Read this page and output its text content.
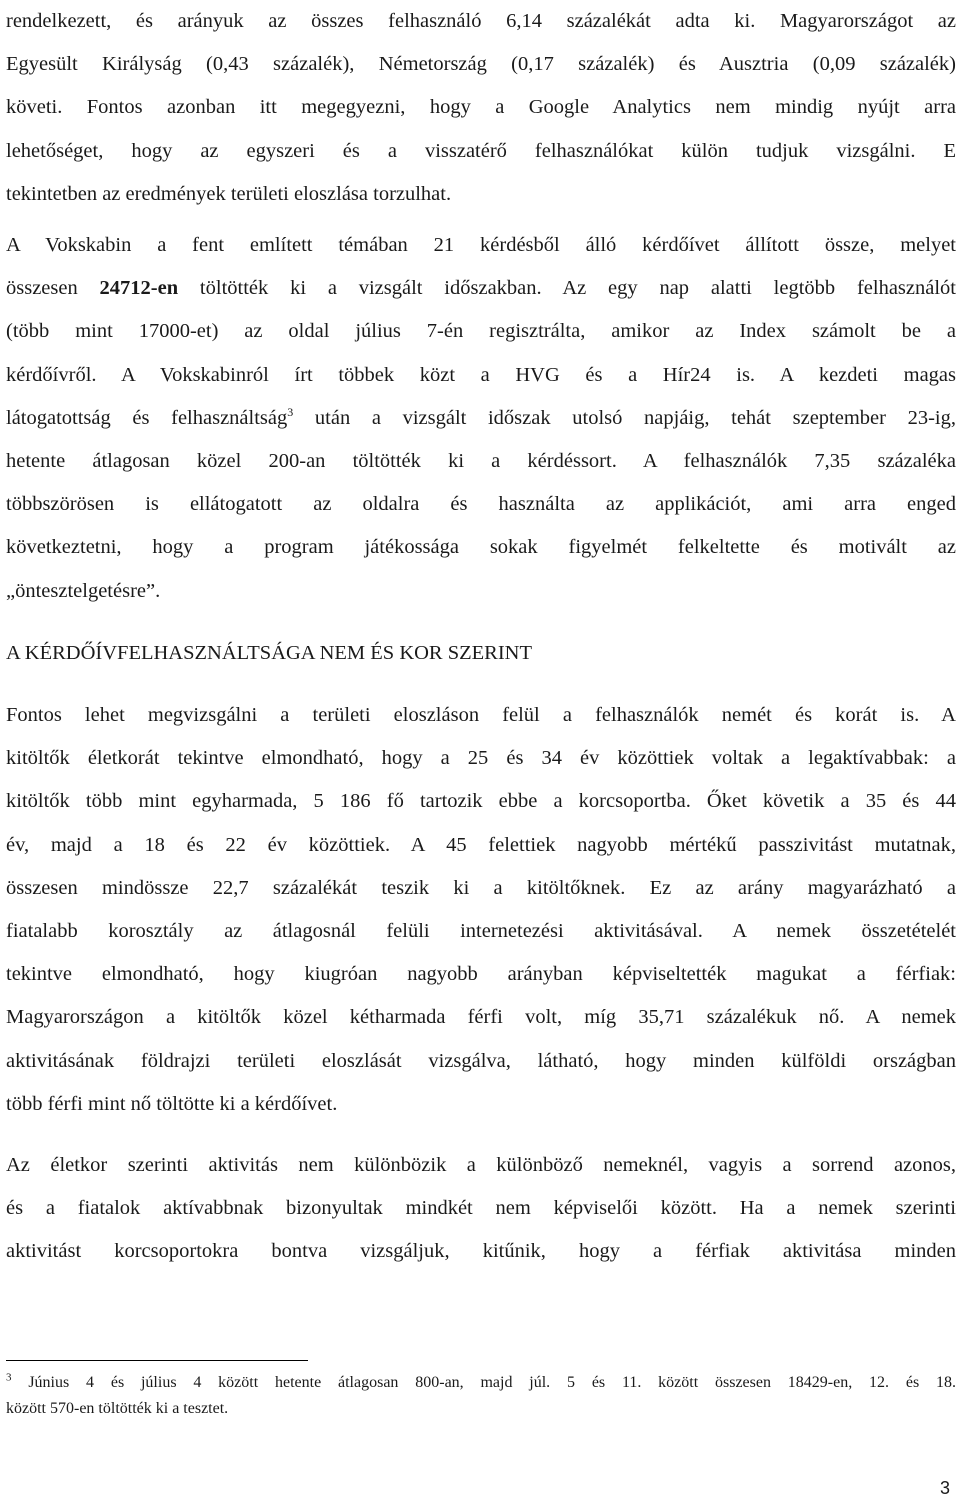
rendelkezett, és arányuk az összes felhasználó 6,14 százalékát adta ki. Magyarországot az
Egyesült Királyság (0,43 százalék), Németország (0,17 százalék) és Ausztria (0,09 százalék)
követi. Fontos azonban itt megegyezni, hogy a Google Analytics nem mindig nyújt arra
lehetőséget, hogy az egyszeri és a visszatérő felhasználókat külön tudjuk vizsgálni. E
tekintetben az eredmények területi eloszlása torzulhat.
A Vokskabin a fent említett témában 21 kérdésből álló kérdőívet állított össze, melyet
összesen 24712-en töltötték ki a vizsgált időszakban. Az egy nap alatti legtöbb felhasználót
(több mint 17000-et) az oldal július 7-én regisztrálta, amikor az Index számolt be a
kérdőívről. A Vokskabinról írt többek közt a HVG és a Hír24 is. A kezdeti magas
látogatottság és felhasználtság$^3$ után a vizsgált időszak utolsó napjáig, tehát szeptember 23-ig,
hetente átlagosan közel 200-an töltötték ki a kérdéssort. A felhasználók 7,35 százaléka
többszörösen is ellátogatott az oldalra és használta az applikációt, ami arra enged
következtetni, hogy a program játékossága sokak figyelmét felkeltette és motivált az
„öntesztelgetésre”.
A KÉRDŐÍVFELHASZNÁLTSÁGA NEM ÉS KOR SZERINT
Fontos lehet megvizsgálni a területi eloszláson felül a felhasználók nemét és korát is. A
kitöltők életkorát tekintve elmondható, hogy a 25 és 34 év közöttiek voltak a legaktívabbak: a
kitöltők több mint egyharmada, 5 186 fő tartozik ebbe a korcsoportba. Őket követik a 35 és 44
év, majd a 18 és 22 év közöttiek. A 45 felettiek nagyobb mértékű passzivitást mutatnak,
összesen mindössze 22,7 százalékát teszik ki a kitöltőknek. Ez az arány magyarázható a
fiatalabb korosztály az átlagosnál felüli internetezési aktivitásával. A nemek összetételét
tekintve elmondható, hogy kiugróan nagyobb arányban képviseltették magukat a férfiak:
Magyarországon a kitöltők közel kétharmada férfi volt, míg 35,71 százalékuk nő. A nemek
aktivitásának földrajzi területi eloszlását vizsgálva, látható, hogy minden külföldi országban
több férfi mint nő töltötte ki a kérdőívet.
Az életkor szerinti aktivitás nem különbözik a különböző nemeknél, vagyis a sorrend azonos,
és a fiatalok aktívabbnak bizonyultak mindkét nem képviselői között. Ha a nemek szerinti
aktivitást korcsoportokra bontva vizsgáljuk, kitűnik, hogy a férfiak aktivitása minden
$^3$ Június 4 és július 4 között hetente átlagosan 800-an, majd júl. 5 és 11. között összesen 18429-en, 12. és 18.
között 570-en töltötték ki a tesztet.
3
